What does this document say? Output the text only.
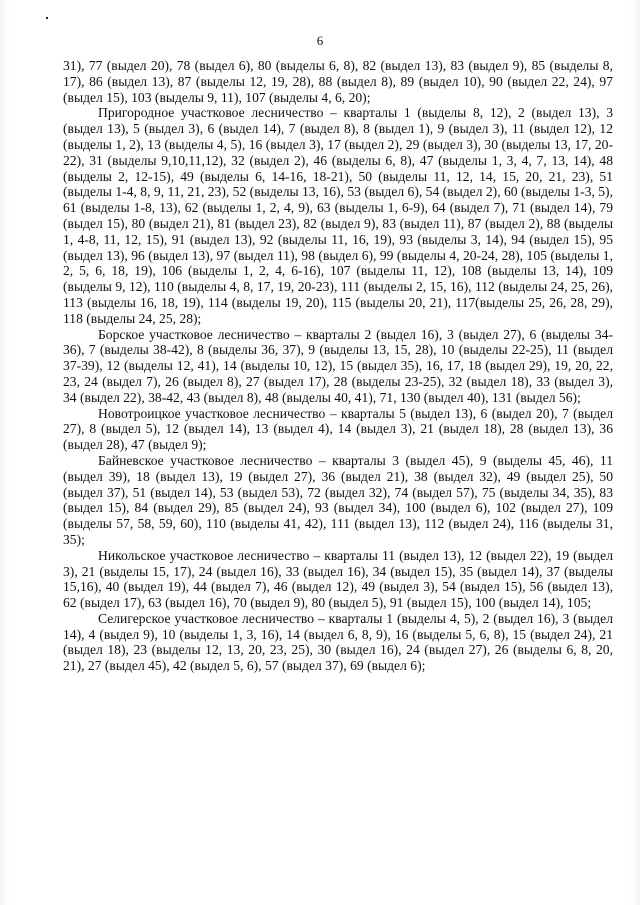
6

31), 77 (выдел 20), 78 (выдел 6), 80 (выделы 6, 8), 82 (выдел 13), 83 (выдел 9), 85 (выделы 8, 17), 86 (выдел 13), 87 (выделы 12, 19, 28), 88 (выдел 8), 89 (выдел 10), 90 (выдел 22, 24), 97 (выдел 15), 103 (выделы 9, 11), 107 (выделы 4, 6, 20);

Пригородное участковое лесничество – кварталы 1 (выделы 8, 12), 2 (выдел 13), 3 (выдел 13), 5 (выдел 3), 6 (выдел 14), 7 (выдел 8), 8 (выдел 1), 9 (выдел 3), 11 (выдел 12), 12 (выделы 1, 2), 13 (выделы 4, 5), 16 (выдел 3), 17 (выдел 2), 29 (выдел 3), 30 (выделы 13, 17, 20-22), 31 (выделы 9,10,11,12), 32 (выдел 2), 46 (выделы 6, 8), 47 (выделы 1, 3, 4, 7, 13, 14), 48 (выделы 2, 12-15), 49 (выделы 6, 14-16, 18-21), 50 (выделы 11, 12, 14, 15, 20, 21, 23), 51 (выделы 1-4, 8, 9, 11, 21, 23), 52 (выделы 13, 16), 53 (выдел 6), 54 (выдел 2), 60 (выделы 1-3, 5), 61 (выделы 1-8, 13), 62 (выделы 1, 2, 4, 9), 63 (выделы 1, 6-9), 64 (выдел 7), 71 (выдел 14), 79 (выдел 15), 80 (выдел 21), 81 (выдел 23), 82 (выдел 9), 83 (выдел 11), 87 (выдел 2), 88 (выделы 1, 4-8, 11, 12, 15), 91 (выдел 13), 92 (выделы 11, 16, 19), 93 (выделы 3, 14), 94 (выдел 15), 95 (выдел 13), 96 (выдел 13), 97 (выдел 11), 98 (выдел 6), 99 (выделы 4, 20-24, 28), 105 (выделы 1, 2, 5, 6, 18, 19), 106 (выделы 1, 2, 4, 6-16), 107 (выделы 11, 12), 108 (выделы 13, 14), 109 (выделы 9, 12), 110 (выделы 4, 8, 17, 19, 20-23), 111 (выделы 2, 15, 16), 112 (выделы 24, 25, 26), 113 (выделы 16, 18, 19), 114 (выделы 19, 20), 115 (выделы 20, 21), 117(выделы 25, 26, 28, 29), 118 (выделы 24, 25, 28);

Борское участковое лесничество – кварталы 2 (выдел 16), 3 (выдел 27), 6 (выделы 34-36), 7 (выделы 38-42), 8 (выделы 36, 37), 9 (выделы 13, 15, 28), 10 (выделы 22-25), 11 (выдел 37-39), 12 (выделы 12, 41), 14 (выделы 10, 12), 15 (выдел 35), 16, 17, 18 (выдел 29), 19, 20, 22, 23, 24 (выдел 7), 26 (выдел 8), 27 (выдел 17), 28 (выделы 23-25), 32 (выдел 18), 33 (выдел 3), 34 (выдел 22), 38-42, 43 (выдел 8), 48 (выделы 40, 41), 71, 130 (выдел 40), 131 (выдел 56);

Новотроицкое участковое лесничество – кварталы 5 (выдел 13), 6 (выдел 20), 7 (выдел 27), 8 (выдел 5), 12 (выдел 14), 13 (выдел 4), 14 (выдел 3), 21 (выдел 18), 28 (выдел 13), 36 (выдел 28), 47 (выдел 9);

Байневское участковое лесничество – кварталы 3 (выдел 45), 9 (выделы 45, 46), 11 (выдел 39), 18 (выдел 13), 19 (выдел 27), 36 (выдел 21), 38 (выдел 32), 49 (выдел 25), 50 (выдел 37), 51 (выдел 14), 53 (выдел 53), 72 (выдел 32), 74 (выдел 57), 75 (выделы 34, 35), 83 (выдел 15), 84 (выдел 29), 85 (выдел 24), 93 (выдел 34), 100 (выдел 6), 102 (выдел 27), 109 (выделы 57, 58, 59, 60), 110 (выделы 41, 42), 111 (выдел 13), 112 (выдел 24), 116 (выделы 31, 35);

Никольское участковое лесничество – кварталы 11 (выдел 13), 12 (выдел 22), 19 (выдел 3), 21 (выделы 15, 17), 24 (выдел 16), 33 (выдел 16), 34 (выдел 15), 35 (выдел 14), 37 (выделы 15,16), 40 (выдел 19), 44 (выдел 7), 46 (выдел 12), 49 (выдел 3), 54 (выдел 15), 56 (выдел 13), 62 (выдел 17), 63 (выдел 16), 70 (выдел 9), 80 (выдел 5), 91 (выдел 15), 100 (выдел 14), 105;

Селигерское участковое лесничество – кварталы 1 (выделы 4, 5), 2 (выдел 16), 3 (выдел 14), 4 (выдел 9), 10 (выделы 1, 3, 16), 14 (выдел 6, 8, 9), 16 (выделы 5, 6, 8), 15 (выдел 24), 21 (выдел 18), 23 (выделы 12, 13, 20, 23, 25), 30 (выдел 16), 24 (выдел 27), 26 (выделы 6, 8, 20, 21), 27 (выдел 45), 42 (выдел 5, 6), 57 (выдел 37), 69 (выдел 6);
